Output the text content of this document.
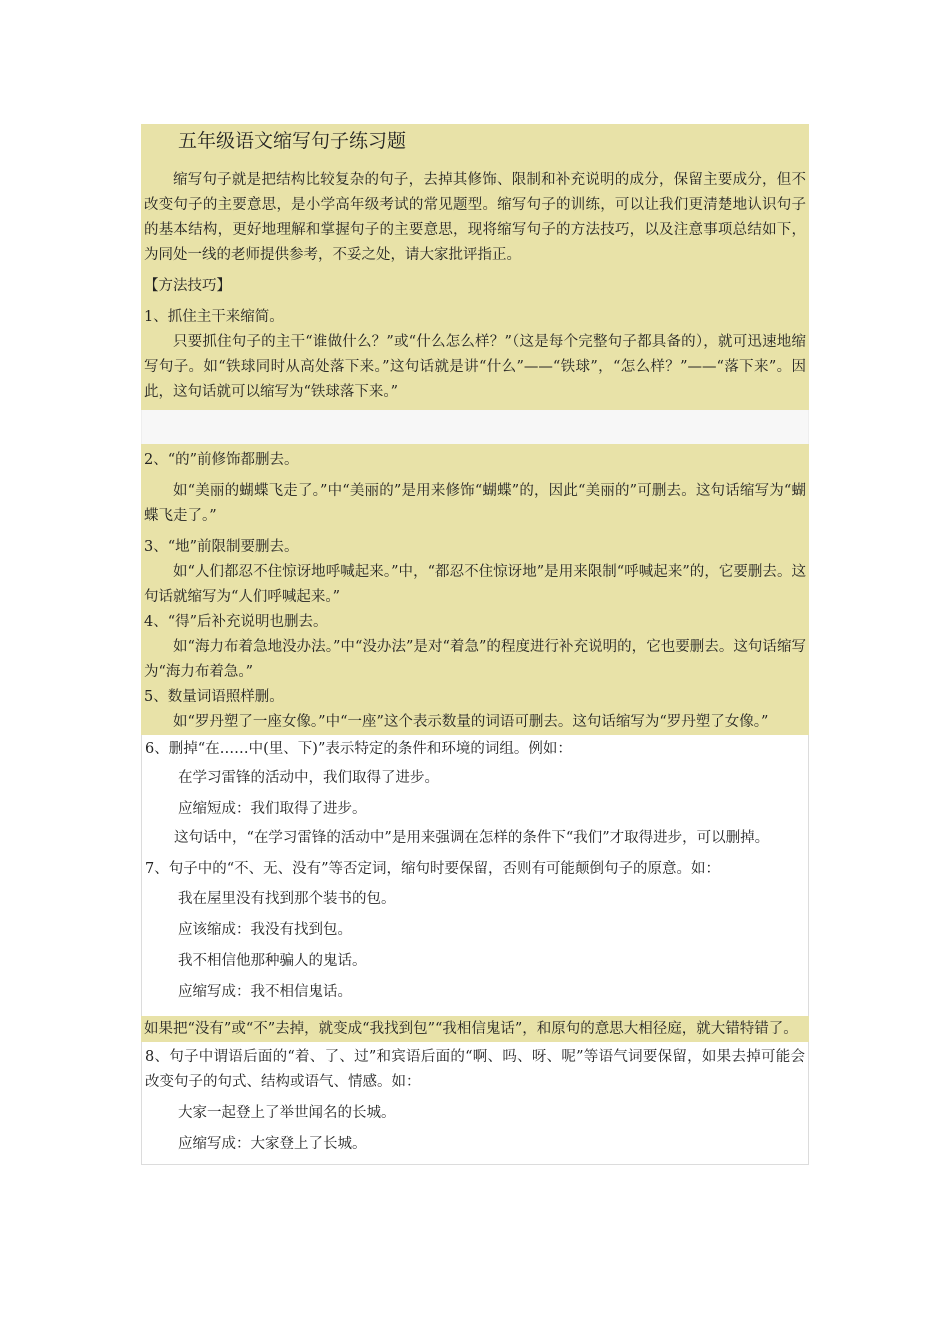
五年级语文缩写句子练习题

缩写句子就是把结构比较复杂的句子，去掉其修饰、限制和补充说明的成分，保留主要成分，但不改变句子的主要意思，是小学高年级考试的常见题型。缩写句子的训练，可以让我们更清楚地认识句子的基本结构，更好地理解和掌握句子的主要意思，现将缩写句子的方法技巧，以及注意事项总结如下，为同处一线的老师提供参考，不妥之处，请大家批评指正。

【方法技巧】

1、抓住主干来缩简。

只要抓住句子的主干“谁做什么？”或“什么怎么样？”（这是每个完整句子都具备的），就可迅速地缩写句子。如“铁球同时从高处落下来。”这句话就是讲“什么”——“铁球”，“怎么样？”——“落下来”。因此，这句话就可以缩写为“铁球落下来。”

2、“的”前修饰都删去。

如“美丽的蝴蝶飞走了。”中“美丽的”是用来修饰“蝴蝶”的，因此“美丽的”可删去。这句话缩写为“蝴蝶飞走了。”

3、“地”前限制要删去。

如“人们都忍不住惊讶地呼喊起来。”中，“都忍不住惊讶地”是用来限制“呼喊起来”的，它要删去。这句话就缩写为“人们呼喊起来。”

4、“得”后补充说明也删去。

如“海力布着急地没办法。”中“没办法”是对“着急”的程度进行补充说明的，它也要删去。这句话缩写为“海力布着急。”

5、数量词语照样删。

如“罗丹塑了一座女像。”中“一座”这个表示数量的词语可删去。这句话缩写为“罗丹塑了女像。”

6、删掉“在……中(里、下)”表示特定的条件和环境的词组。例如：

在学习雷锋的活动中，我们取得了进步。

应缩短成：我们取得了进步。

这句话中，“在学习雷锋的活动中”是用来强调在怎样的条件下“我们”才取得进步，可以删掉。

7、句子中的“不、无、没有”等否定词，缩句时要保留，否则有可能颠倒句子的原意。如：

我在屋里没有找到那个装书的包。

应该缩成：我没有找到包。

我不相信他那种骗人的鬼话。

应缩写成：我不相信鬼话。

如果把“没有”或“不”去掉，就变成“我找到包”“我相信鬼话”，和原句的意思大相径庭，就大错特错了。

8、句子中谓语后面的“着、了、过”和宾语后面的“啊、吗、呀、呢”等语气词要保留，如果去掉可能会改变句子的句式、结构或语气、情感。如：

大家一起登上了举世闻名的长城。

应缩写成：大家登上了长城。
